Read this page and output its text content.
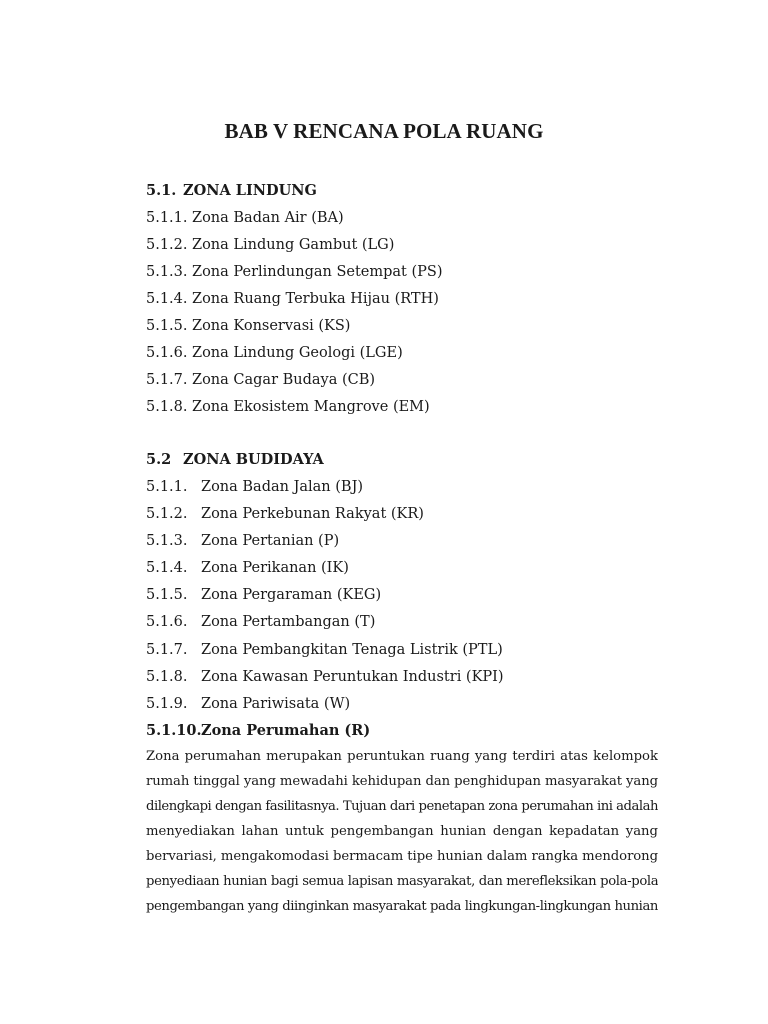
BAB V RENCANA POLA RUANG
5.1. ZONA LINDUNG
5.1.1. Zona Badan Air (BA)
5.1.2. Zona Lindung Gambut (LG)
5.1.3. Zona Perlindungan Setempat (PS)
5.1.4. Zona Ruang Terbuka Hijau (RTH)
5.1.5. Zona Konservasi (KS)
5.1.6. Zona Lindung Geologi (LGE)
5.1.7. Zona Cagar Budaya (CB)
5.1.8. Zona Ekosistem Mangrove (EM)
5.2 ZONA BUDIDAYA
5.1.1. Zona Badan Jalan (BJ)
5.1.2. Zona Perkebunan Rakyat (KR)
5.1.3. Zona Pertanian (P)
5.1.4. Zona Perikanan (IK)
5.1.5. Zona Pergaraman (KEG)
5.1.6. Zona Pertambangan (T)
5.1.7. Zona Pembangkitan Tenaga Listrik (PTL)
5.1.8. Zona Kawasan Peruntukan Industri (KPI)
5.1.9. Zona Pariwisata (W)
5.1.10. Zona Perumahan (R)
Zona perumahan merupakan peruntukan ruang yang terdiri atas kelompok
rumah tinggal yang mewadahi kehidupan dan penghidupan masyarakat yang
dilengkapi dengan fasilitasnya. Tujuan dari penetapan zona perumahan ini adalah
menyediakan lahan untuk pengembangan hunian dengan kepadatan yang
bervariasi, mengakomodasi bermacam tipe hunian dalam rangka mendorong
penyediaan hunian bagi semua lapisan masyarakat, dan merefleksikan pola-pola
pengembangan yang diinginkan masyarakat pada lingkungan-lingkungan hunian
